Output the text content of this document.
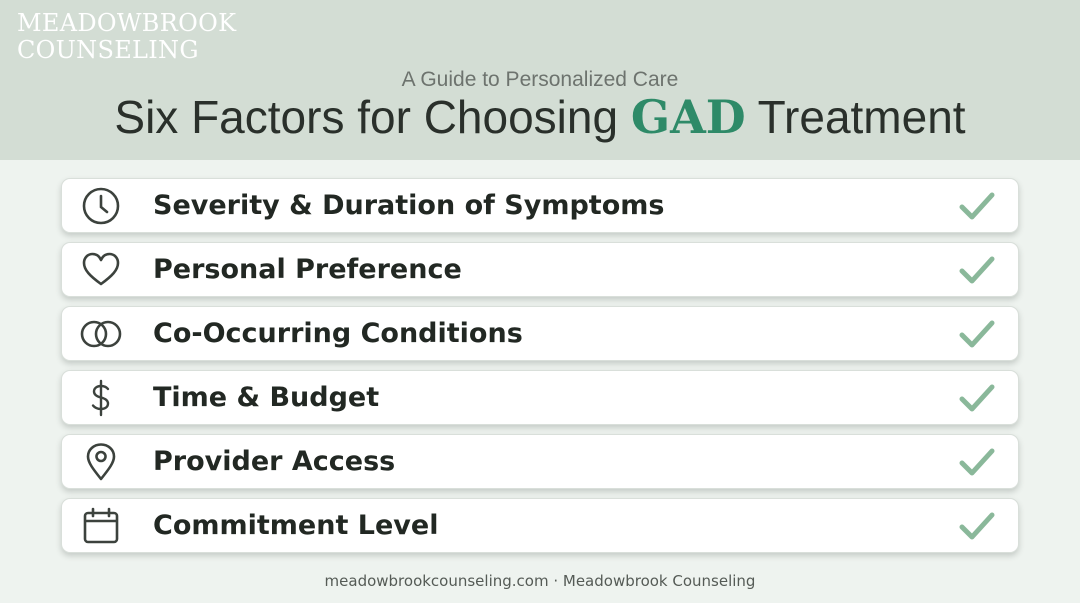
MEADOWBROOK
COUNSELING
A Guide to Personalized Care
Six Factors for Choosing GAD Treatment
Severity & Duration of Symptoms
Personal Preference
Co-Occurring Conditions
Time & Budget
Provider Access
Commitment Level
meadowbrookcounseling.com · Meadowbrook Counseling
